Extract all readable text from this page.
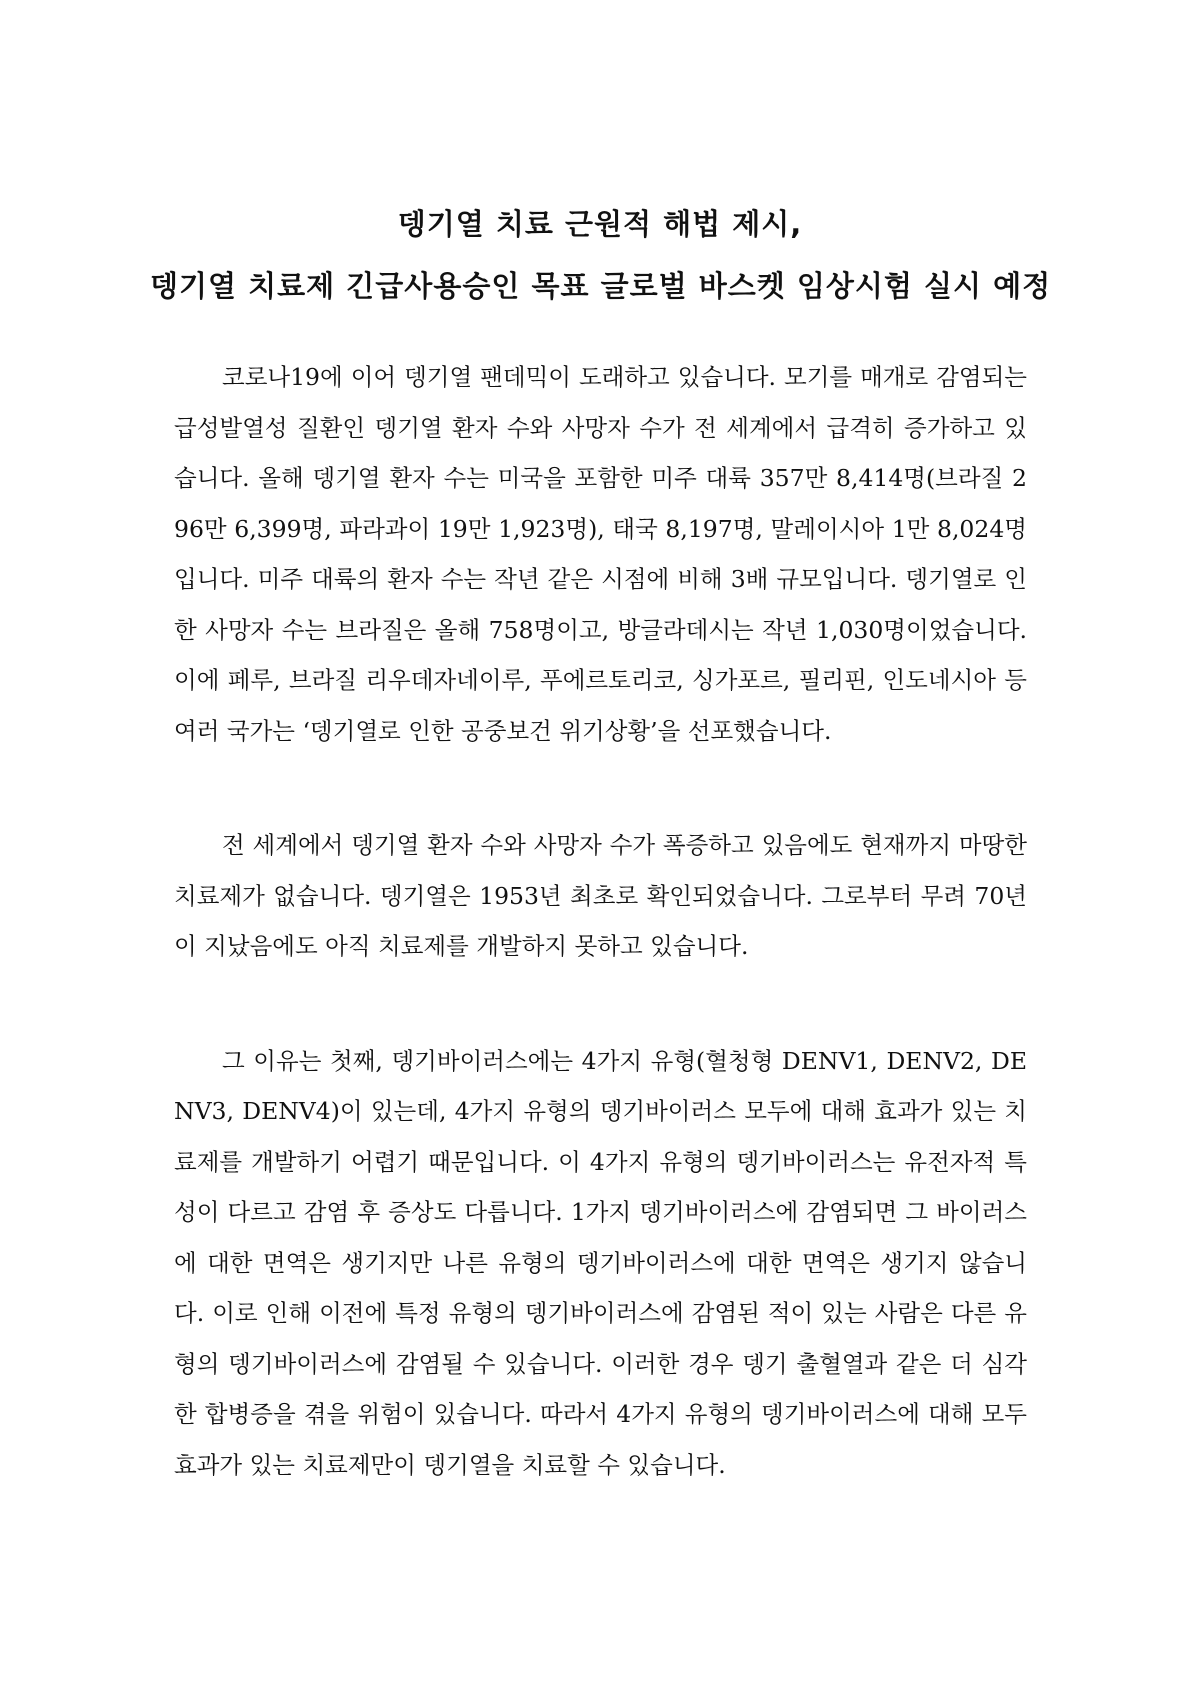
뎅기열 치료 근원적 해법 제시,

뎅기열 치료제 긴급사용승인 목표 글로벌 바스켓 임상시험 실시 예정

코로나19에 이어 뎅기열 팬데믹이 도래하고 있습니다. 모기를 매개로 감염되는 급성발열성 질환인 뎅기열 환자 수와 사망자 수가 전 세계에서 급격히 증가하고 있습니다. 올해 뎅기열 환자 수는 미국을 포함한 미주 대륙 357만 8,414명(브라질 296만 6,399명, 파라과이 19만 1,923명), 태국 8,197명, 말레이시아 1만 8,024명입니다. 미주 대륙의 환자 수는 작년 같은 시점에 비해 3배 규모입니다. 뎅기열로 인한 사망자 수는 브라질은 올해 758명이고, 방글라데시는 작년 1,030명이었습니다. 이에 페루, 브라질 리우데자네이루, 푸에르토리코, 싱가포르, 필리핀, 인도네시아 등 여러 국가는 ‘뎅기열로 인한 공중보건 위기상황’을 선포했습니다.

전 세계에서 뎅기열 환자 수와 사망자 수가 폭증하고 있음에도 현재까지 마땅한 치료제가 없습니다. 뎅기열은 1953년 최초로 확인되었습니다. 그로부터 무려 70년이 지났음에도 아직 치료제를 개발하지 못하고 있습니다.

그 이유는 첫째, 뎅기바이러스에는 4가지 유형(혈청형 DENV1, DENV2, DENV3, DENV4)이 있는데, 4가지 유형의 뎅기바이러스 모두에 대해 효과가 있는 치료제를 개발하기 어렵기 때문입니다. 이 4가지 유형의 뎅기바이러스는 유전자적 특성이 다르고 감염 후 증상도 다릅니다. 1가지 뎅기바이러스에 감염되면 그 바이러스에 대한 면역은 생기지만 나른 유형의 뎅기바이러스에 대한 면역은 생기지 않습니다. 이로 인해 이전에 특정 유형의 뎅기바이러스에 감염된 적이 있는 사람은 다른 유형의 뎅기바이러스에 감염될 수 있습니다. 이러한 경우 뎅기 출혈열과 같은 더 심각한 합병증을 겪을 위험이 있습니다. 따라서 4가지 유형의 뎅기바이러스에 대해 모두 효과가 있는 치료제만이 뎅기열을 치료할 수 있습니다.
